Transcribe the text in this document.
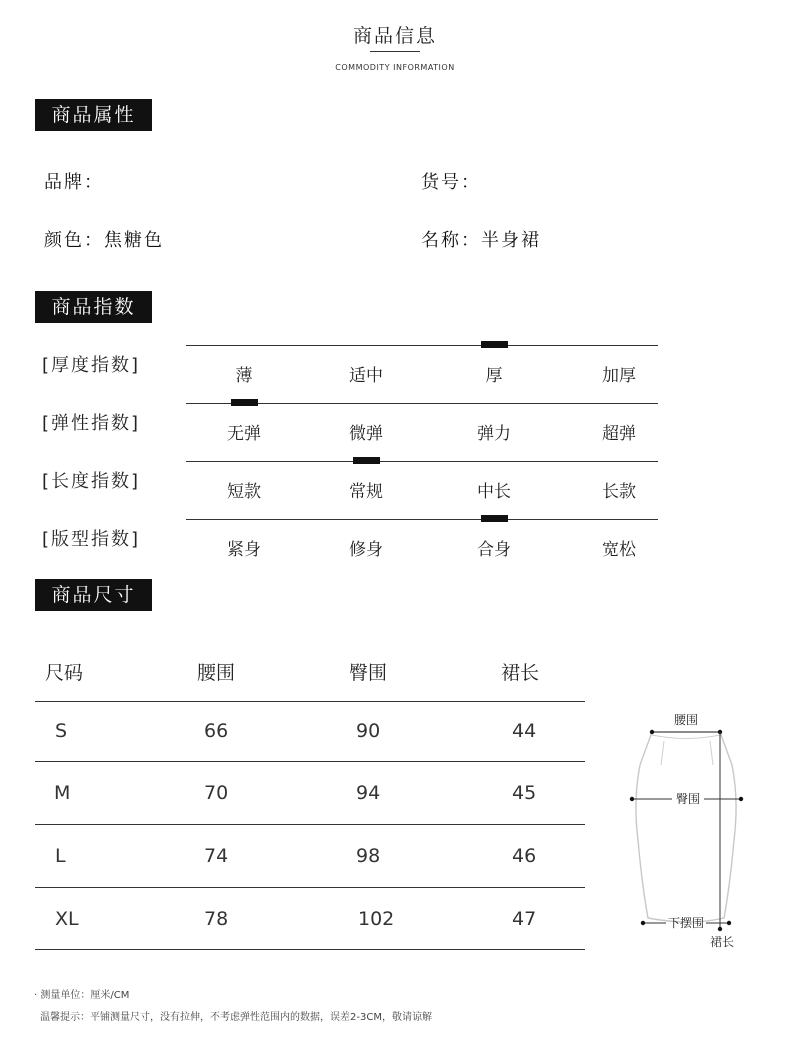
商品信息
COMMODITY INFORMATION
商品属性
品牌：	货号：
颜色：焦糖色	名称：半身裙
商品指数
[厚度指数]	薄	适中	厚	加厚
[弹性指数]	无弹	微弹	弹力	超弹
[长度指数]	短款	常规	中长	长款
[版型指数]	紧身	修身	合身	宽松
商品尺寸
尺码	腰围	臀围	裙长
S	66	90	44
M	70	94	45
L	74	98	46
XL	78	102	47
腰围
臀围
下摆围
裙长
· 测量单位：厘米/CM
温馨提示：平铺测量尺寸，没有拉伸，不考虑弹性范围内的数据，误差2-3CM，敬请谅解
